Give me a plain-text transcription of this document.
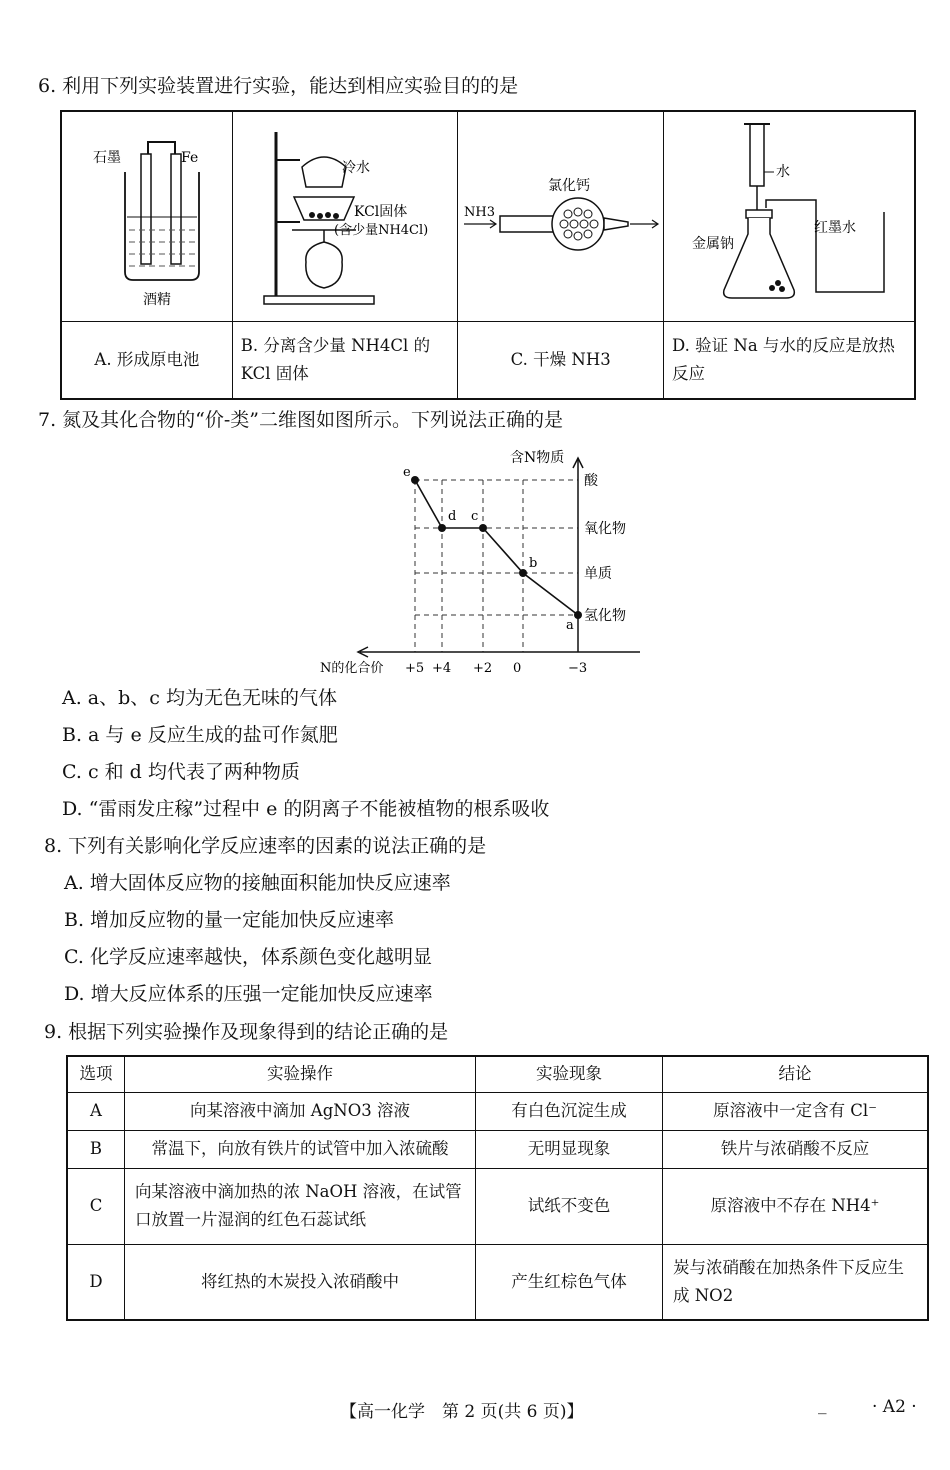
6. 利用下列实验装置进行实验，能达到相应实验目的的是
石墨 Fe
酒精	冷水
KCl固体
(含少量NH4Cl)	NH3
氯化钙	水
红墨水
金属钠

A. 形成原电池	B. 分离含少量 NH4Cl 的 KCl 固体	C. 干燥 NH3	D. 验证 Na 与水的反应是放热反应
7. 氮及其化合物的“价-类”二维图如图所示。下列说法正确的是
含N物质
N的化合价 +5 +4 +2 0	−3
氢化物
单质
氧化物
酸
e
d c
b
a
A. a、b、c 均为无色无味的气体
B. a 与 e 反应生成的盐可作氮肥
C. c 和 d 均代表了两种物质
D. “雷雨发庄稼”过程中 e 的阴离子不能被植物的根系吸收
8. 下列有关影响化学反应速率的因素的说法正确的是
A. 增大固体反应物的接触面积能加快反应速率
B. 增加反应物的量一定能加快反应速率
C. 化学反应速率越快，体系颜色变化越明显
D. 增大反应体系的压强一定能加快反应速率
9. 根据下列实验操作及现象得到的结论正确的是
选项	实验操作	实验现象	结论
A	向某溶液中滴加 AgNO3 溶液	有白色沉淀生成	原溶液中一定含有 Cl⁻
B	常温下，向放有铁片的试管中加入浓硫酸	无明显现象	铁片与浓硝酸不反应
C	向某溶液中滴加热的浓 NaOH 溶液，在试管口放置一片湿润的红色石蕊试纸	试纸不变色	原溶液中不存在 NH4⁺
D	将红热的木炭投入浓硝酸中	产生红棕色气体	炭与浓硝酸在加热条件下反应生成 NO2
【高一化学　第 2 页(共 6 页)】	_	· A2 ·
